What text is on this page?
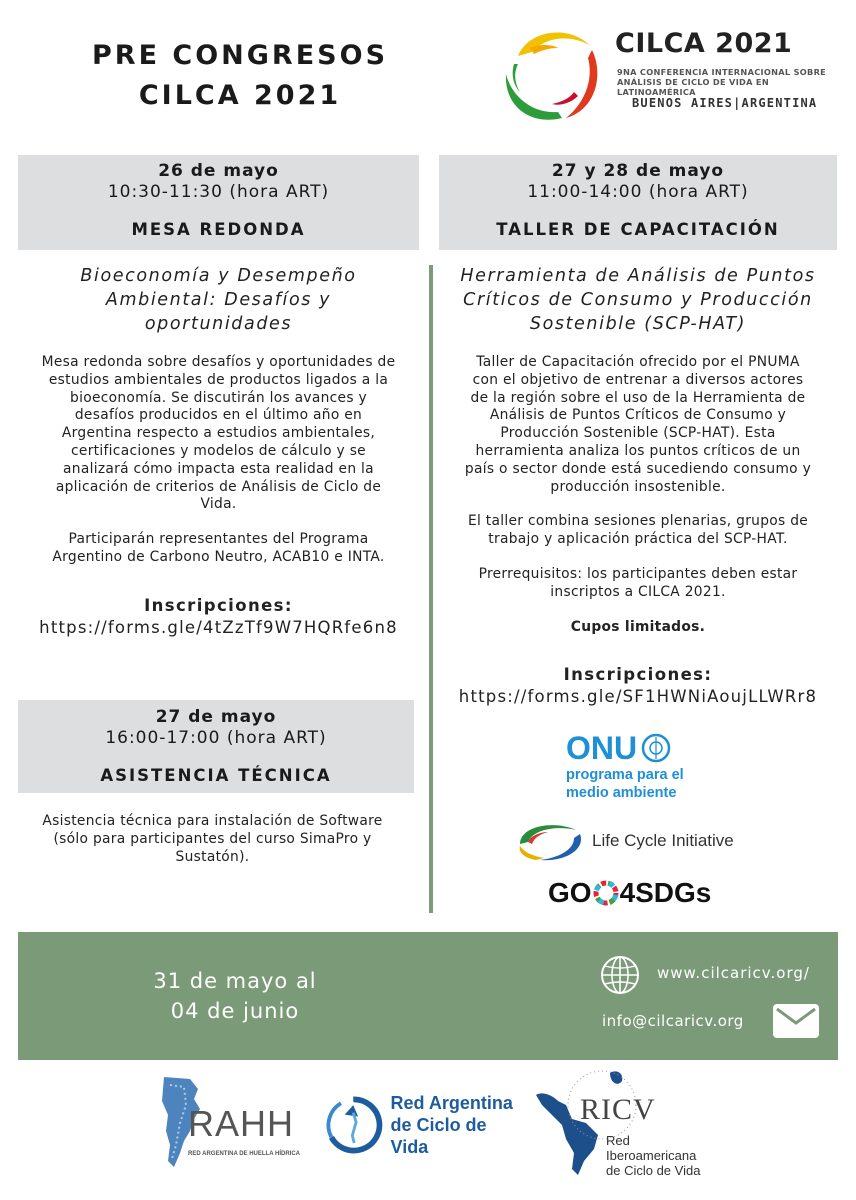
PRE CONGRESOS
CILCA 2021
CILCA 2021
9NA CONFERENCIA INTERNACIONAL SOBRE
ANÁLISIS DE CICLO DE VIDA EN LATINOAMÉRICA
BUENOS AIRES|ARGENTINA
26 de mayo
10:30-11:30 (hora ART)
MESA REDONDA
27 y 28 de mayo
11:00-14:00 (hora ART)
TALLER DE CAPACITACIÓN
Bioeconomía y Desempeño
Ambiental: Desafíos y
oportunidades

Mesa redonda sobre desafíos y oportunidades de
estudios ambientales de productos ligados a la
bioeconomía. Se discutirán los avances y
desafíos producidos en el último año en
Argentina respecto a estudios ambientales,
certificaciones y modelos de cálculo y se
analizará cómo impacta esta realidad en la
aplicación de criterios de Análisis de Ciclo de
Vida.

Participarán representantes del Programa
Argentino de Carbono Neutro, ACAB10 e INTA.

Inscripciones:
https://forms.gle/4tZzTf9W7HQRfe6n8
27 de mayo
16:00-17:00 (hora ART)
ASISTENCIA TÉCNICA
Asistencia técnica para instalación de Software
(sólo para participantes del curso SimaPro y
Sustatón).
Herramienta de Análisis de Puntos
Críticos de Consumo y Producción
Sostenible (SCP-HAT)

Taller de Capacitación ofrecido por el PNUMA
con el objetivo de entrenar a diversos actores
de la región sobre el uso de la Herramienta de
Análisis de Puntos Críticos de Consumo y
Producción Sostenible (SCP-HAT). Esta
herramienta analiza los puntos críticos de un
país o sector donde está sucediendo consumo y
producción insostenible.

El taller combina sesiones plenarias, grupos de
trabajo y aplicación práctica del SCP-HAT.

Prerrequisitos: los participantes deben estar
inscriptos a CILCA 2021.

Cupos limitados.

Inscripciones:
https://forms.gle/SF1HWNiAoujLLWRr8
ONU
programa para el
medio ambiente
Life Cycle Initiative
GO 4SDGs
31 de mayo al
04 de junio
www.cilcaricv.org/
info@cilcaricv.org
RAHH
RED ARGENTINA DE HUELLA HÍDRICA
Red Argentina
de Ciclo de Vida
RICV
Red Iberoamericana
de Ciclo de Vida
